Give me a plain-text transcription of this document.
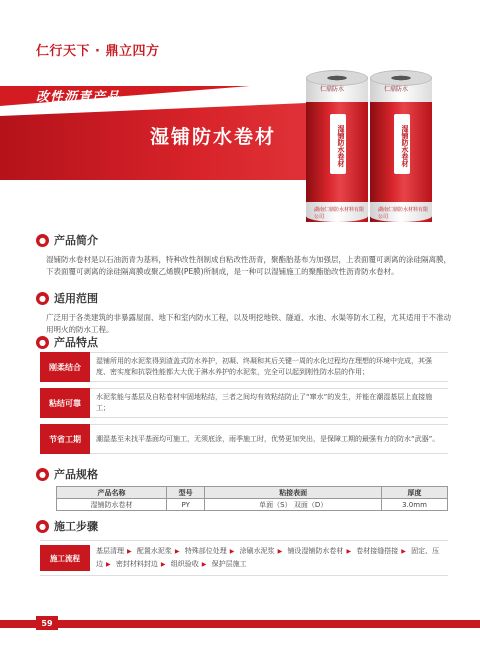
仁行天下 · 鼎立四方
改性沥青产品
湿铺防水卷材
仁鼎防水
湿铺防水卷材
湖南仁鼎防水材料有限公司
仁鼎防水
湿铺防水卷材
湖南仁鼎防水材料有限公司
● 产品简介
湿铺防水卷材是以石油沥青为基料，特种改性剂制成自粘改性沥青，聚酯胎基布为加强层，上表面覆可剥离的涂硅隔离膜，下表面覆可剥离的涂硅隔离膜或聚乙烯膜(PE膜)所制成，是一种可以湿铺施工的聚酯胎改性沥青防水卷材。
● 适用范围
广泛用于各类建筑的非暴露屋面、地下和室内防水工程，以及明挖地铁、隧道、水池、水渠等防水工程，尤其适用于不准动用明火的防水工程。
● 产品特点
刚柔结合
湿铺所用的水泥浆得到渣盖式防水养护，初凝、终凝和其后关键一周的水化过程均在理想的环境中完成，其强度、密实度和抗裂性能都大大优于淋水养护的水泥浆，完全可以起到刚性防水层的作用；
粘结可靠
水泥浆能与基层及自粘卷材牢固地粘结，三者之间均有效粘结防止了“窜水”的发生，并能在潮湿基层上直接施工；
节省工期	潮湿基至未找平基面均可施工，无须底涂，雨季施工时，优势更加突出，是保障工期的最强有力的防水“武器”。
● 产品规格
产品名称	型号	粘接表面	厚度
湿铺防水卷材	PY	单面（S） 双面（D）	3.0mm
● 施工步骤
施工流程
基层清理 ▶ 配置水泥浆 ▶ 特殊部位处理 ▶ 涂刷水泥浆 ▶ 铺设湿铺防水卷材 ▶ 卷材接缝搭接 ▶ 固定、压边 ▶ 密封材料封边 ▶ 组织验收 ▶ 保护层施工
59
